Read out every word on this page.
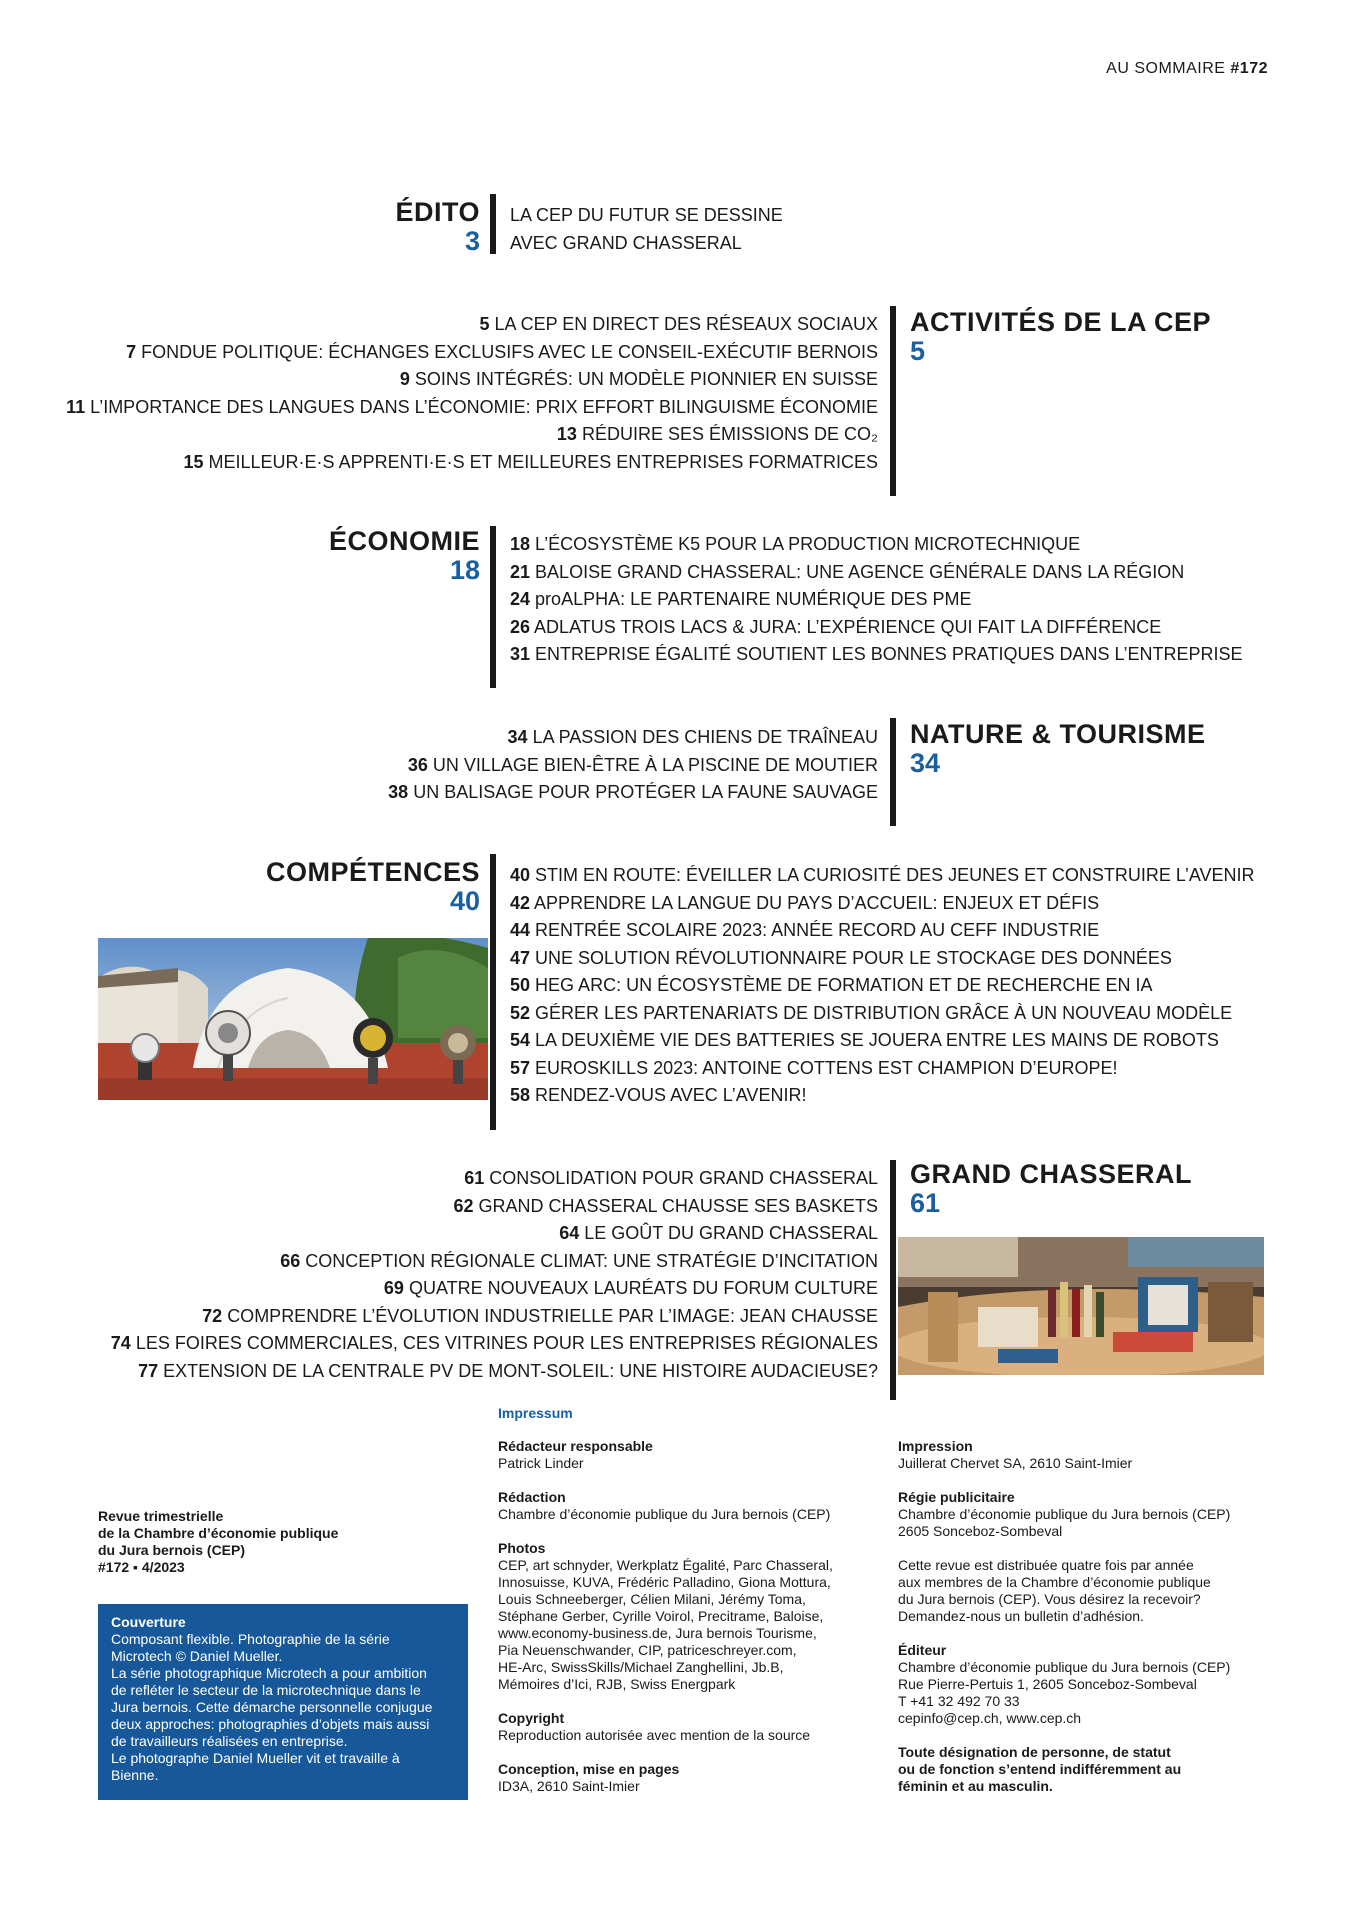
AU SOMMAIRE #172
ÉDITO
3
LA CEP DU FUTUR SE DESSINE
AVEC GRAND CHASSERAL
5 LA CEP EN DIRECT DES RÉSEAUX SOCIAUX
7 FONDUE POLITIQUE: ÉCHANGES EXCLUSIFS AVEC LE CONSEIL-EXÉCUTIF BERNOIS
9 SOINS INTÉGRÉS: UN MODÈLE PIONNIER EN SUISSE
11 L’IMPORTANCE DES LANGUES DANS L’ÉCONOMIE: PRIX EFFORT BILINGUISME ÉCONOMIE
13 RÉDUIRE SES ÉMISSIONS DE CO₂
15 MEILLEUR·E·S APPRENTI·E·S ET MEILLEURES ENTREPRISES FORMATRICES
ACTIVITÉS DE LA CEP
5
ÉCONOMIE
18
18 L’ÉCOSYSTÈME K5 POUR LA PRODUCTION MICROTECHNIQUE
21 BALOISE GRAND CHASSERAL: UNE AGENCE GÉNÉRALE DANS LA RÉGION
24 proALPHA: LE PARTENAIRE NUMÉRIQUE DES PME
26 ADLATUS TROIS LACS & JURA: L’EXPÉRIENCE QUI FAIT LA DIFFÉRENCE
31 ENTREPRISE ÉGALITÉ SOUTIENT LES BONNES PRATIQUES DANS L’ENTREPRISE
34 LA PASSION DES CHIENS DE TRAÎNEAU
36 UN VILLAGE BIEN-ÊTRE À LA PISCINE DE MOUTIER
38 UN BALISAGE POUR PROTÉGER LA FAUNE SAUVAGE
NATURE & TOURISME
34
COMPÉTENCES
40
40 STIM EN ROUTE: ÉVEILLER LA CURIOSITÉ DES JEUNES ET CONSTRUIRE L’AVENIR
42 APPRENDRE LA LANGUE DU PAYS D’ACCUEIL: ENJEUX ET DÉFIS
44 RENTRÉE SCOLAIRE 2023: ANNÉE RECORD AU CEFF INDUSTRIE
47 UNE SOLUTION RÉVOLUTIONNAIRE POUR LE STOCKAGE DES DONNÉES
50 HEG ARC: UN ÉCOSYSTÈME DE FORMATION ET DE RECHERCHE EN IA
52 GÉRER LES PARTENARIATS DE DISTRIBUTION GRÂCE À UN NOUVEAU MODÈLE
54 LA DEUXIÈME VIE DES BATTERIES SE JOUERA ENTRE LES MAINS DE ROBOTS
57 EUROSKILLS 2023: ANTOINE COTTENS EST CHAMPION D’EUROPE!
58 RENDEZ-VOUS AVEC L’AVENIR!
61 CONSOLIDATION POUR GRAND CHASSERAL
62 GRAND CHASSERAL CHAUSSE SES BASKETS
64 LE GOÛT DU GRAND CHASSERAL
66 CONCEPTION RÉGIONALE CLIMAT: UNE STRATÉGIE D’INCITATION
69 QUATRE NOUVEAUX LAURÉATS DU FORUM CULTURE
72 COMPRENDRE L’ÉVOLUTION INDUSTRIELLE PAR L’IMAGE: JEAN CHAUSSE
74 LES FOIRES COMMERCIALES, CES VITRINES POUR LES ENTREPRISES RÉGIONALES
77 EXTENSION DE LA CENTRALE PV DE MONT-SOLEIL: UNE HISTOIRE AUDACIEUSE?
GRAND CHASSERAL
61
Revue trimestrielle
de la Chambre d’économie publique
du Jura bernois (CEP)
#172 ▪ 4/2023
Couverture
Composant flexible. Photographie de la série
Microtech © Daniel Mueller.
La série photographique Microtech a pour ambition
de refléter le secteur de la microtechnique dans le
Jura bernois. Cette démarche personnelle conjugue
deux approches: photographies d’objets mais aussi
de travailleurs réalisées en entreprise.
Le photographe Daniel Mueller vit et travaille à
Bienne.
Impressum
Rédacteur responsable
Patrick Linder
Rédaction
Chambre d’économie publique du Jura bernois (CEP)
Photos
CEP, art schnyder, Werkplatz Égalité, Parc Chasseral,
Innosuisse, KUVA, Frédéric Palladino, Giona Mottura,
Louis Schneeberger, Célien Milani, Jérémy Toma,
Stéphane Gerber, Cyrille Voirol, Precitrame, Baloise,
www.economy-business.de, Jura bernois Tourisme,
Pia Neuenschwander, CIP, patriceschreyer.com,
HE-Arc, SwissSkills/Michael Zanghellini, Jb.B,
Mémoires d’Ici, RJB, Swiss Energpark
Copyright
Reproduction autorisée avec mention de la source
Conception, mise en pages
ID3A, 2610 Saint-Imier
Impression
Juillerat Chervet SA, 2610 Saint-Imier
Régie publicitaire
Chambre d’économie publique du Jura bernois (CEP)
2605 Sonceboz-Sombeval
Cette revue est distribuée quatre fois par année
aux membres de la Chambre d’économie publique
du Jura bernois (CEP). Vous désirez la recevoir?
Demandez-nous un bulletin d’adhésion.
Éditeur
Chambre d’économie publique du Jura bernois (CEP)
Rue Pierre-Pertuis 1, 2605 Sonceboz-Sombeval
T +41 32 492 70 33
cepinfo@cep.ch, www.cep.ch
Toute désignation de personne, de statut
ou de fonction s’entend indifféremment au
féminin et au masculin.
